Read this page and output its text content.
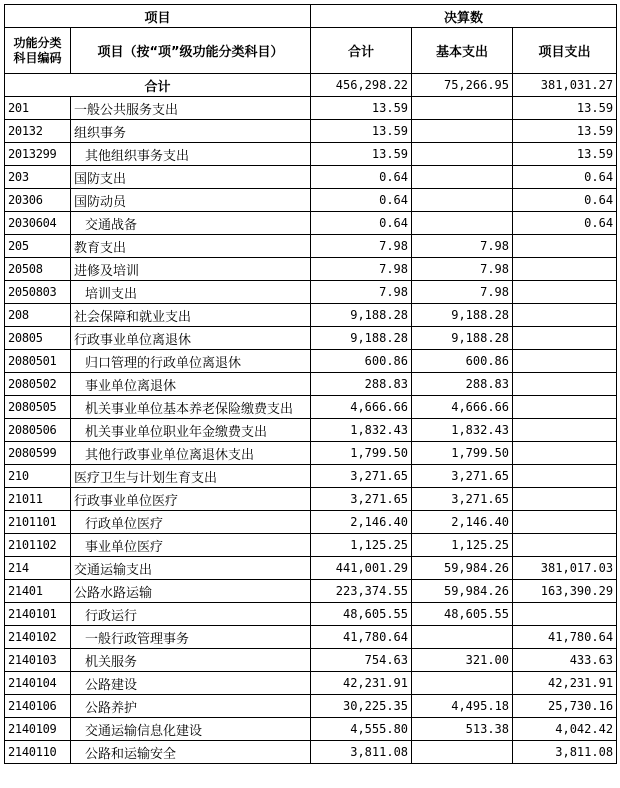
项目		决算数		
功能分类科目编码	项目（按“项”级功能分类科目）	合计	基本支出	项目支出
合计		456,298.22	75,266.95	381,031.27
201	一般公共服务支出	13.59		13.59
20132	组织事务	13.59		13.59
2013299	其他组织事务支出	13.59		13.59
203	国防支出	0.64		0.64
20306	国防动员	0.64		0.64
2030604	交通战备	0.64		0.64
205	教育支出	7.98	7.98	
20508	进修及培训	7.98	7.98	
2050803	培训支出	7.98	7.98	
208	社会保障和就业支出	9,188.28	9,188.28	
20805	行政事业单位离退休	9,188.28	9,188.28	
2080501	归口管理的行政单位离退休	600.86	600.86	
2080502	事业单位离退休	288.83	288.83	
2080505	机关事业单位基本养老保险缴费支出	4,666.66	4,666.66	
2080506	机关事业单位职业年金缴费支出	1,832.43	1,832.43	
2080599	其他行政事业单位离退休支出	1,799.50	1,799.50	
210	医疗卫生与计划生育支出	3,271.65	3,271.65	
21011	行政事业单位医疗	3,271.65	3,271.65	
2101101	行政单位医疗	2,146.40	2,146.40	
2101102	事业单位医疗	1,125.25	1,125.25	
214	交通运输支出	441,001.29	59,984.26	381,017.03
21401	公路水路运输	223,374.55	59,984.26	163,390.29
2140101	行政运行	48,605.55	48,605.55	
2140102	一般行政管理事务	41,780.64		41,780.64
2140103	机关服务	754.63	321.00	433.63
2140104	公路建设	42,231.91		42,231.91
2140106	公路养护	30,225.35	4,495.18	25,730.16
2140109	交通运输信息化建设	4,555.80	513.38	4,042.42
2140110	公路和运输安全	3,811.08		3,811.08
